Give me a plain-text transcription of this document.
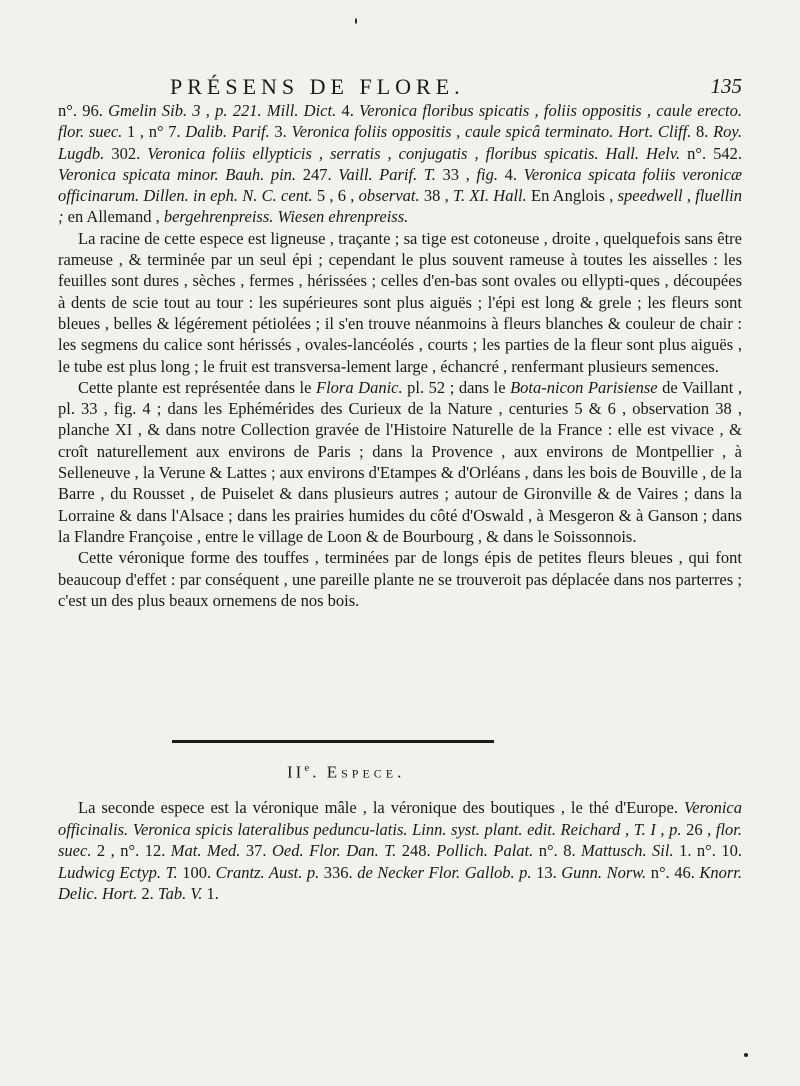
PRÉSENS DE FLORE.	135

n°. 96. Gmelin Sib. 3 , p. 221. Mill. Dict. 4. Veronica floribus spicatis , foliis oppositis , caule erecto. flor. suec. 1 , n° 7. Dalib. Parif. 3. Veronica foliis oppositis , caule spicâ terminato. Hort. Cliff. 8. Roy. Lugdb. 302. Veronica foliis ellypticis , serratis , conjugatis , floribus spicatis. Hall. Helv. n°. 542. Veronica spicata minor. Bauh. pin. 247. Vaill. Parif. T. 33 , fig. 4. Veronica spicata foliis veronicæ officinarum. Dillen. in eph. N. C. cent. 5 , 6 , observat. 38 , T. XI. Hall. En Anglois , speedwell , fluellin ; en Allemand , bergehrenpreiss. Wiesen ehrenpreiss.

La racine de cette espece est ligneuse , traçante ; sa tige est cotoneuse , droite , quelquefois sans être rameuse , & terminée par un seul épi ; cependant le plus souvent rameuse à toutes les aisselles : les feuilles sont dures , sèches , fermes , hérissées ; celles d'en-bas sont ovales ou ellypti-ques , découpées à dents de scie tout au tour : les supérieures sont plus aiguës ; l'épi est long & grele ; les fleurs sont bleues , belles & légérement pétiolées ; il s'en trouve néanmoins à fleurs blanches & couleur de chair : les segmens du calice sont hérissés , ovales-lancéolés , courts ; les parties de la fleur sont plus aiguës , le tube est plus long ; le fruit est transversa-lement large , échancré , renfermant plusieurs semences.

Cette plante est représentée dans le Flora Danic. pl. 52 ; dans le Bota-nicon Parisiense de Vaillant , pl. 33 , fig. 4 ; dans les Ephémérides des Curieux de la Nature , centuries 5 & 6 , observation 38 , planche XI , & dans notre Collection gravée de l'Histoire Naturelle de la France : elle est vivace , & croît naturellement aux environs de Paris ; dans la Provence , aux environs de Montpellier , à Selleneuve , la Verune & Lattes ; aux environs d'Etampes & d'Orléans , dans les bois de Bouville , de la Barre , du Rousset , de Puiselet & dans plusieurs autres ; autour de Gironville & de Vaires ; dans la Lorraine & dans l'Alsace ; dans les prairies humides du côté d'Oswald , à Mesgeron & à Ganson ; dans la Flandre Françoise , entre le village de Loon & de Bourbourg , & dans le Soissonnois.

Cette véronique forme des touffes , terminées par de longs épis de petites fleurs bleues , qui font beaucoup d'effet : par conséquent , une pareille plante ne se trouveroit pas déplacée dans nos parterres ; c'est un des plus beaux ornemens de nos bois.

IIe. Espece.

La seconde espece est la véronique mâle , la véronique des boutiques , le thé d'Europe. Veronica officinalis. Veronica spicis lateralibus peduncu-latis. Linn. syst. plant. edit. Reichard , T. I , p. 26 , flor. suec. 2 , n°. 12. Mat. Med. 37. Oed. Flor. Dan. T. 248. Pollich. Palat. n°. 8. Mattusch. Sil. 1. n°. 10. Ludwicg Ectyp. T. 100. Crantz. Aust. p. 336. de Necker Flor. Gallob. p. 13. Gunn. Norw. n°. 46. Knorr. Delic. Hort. 2. Tab. V. 1.
